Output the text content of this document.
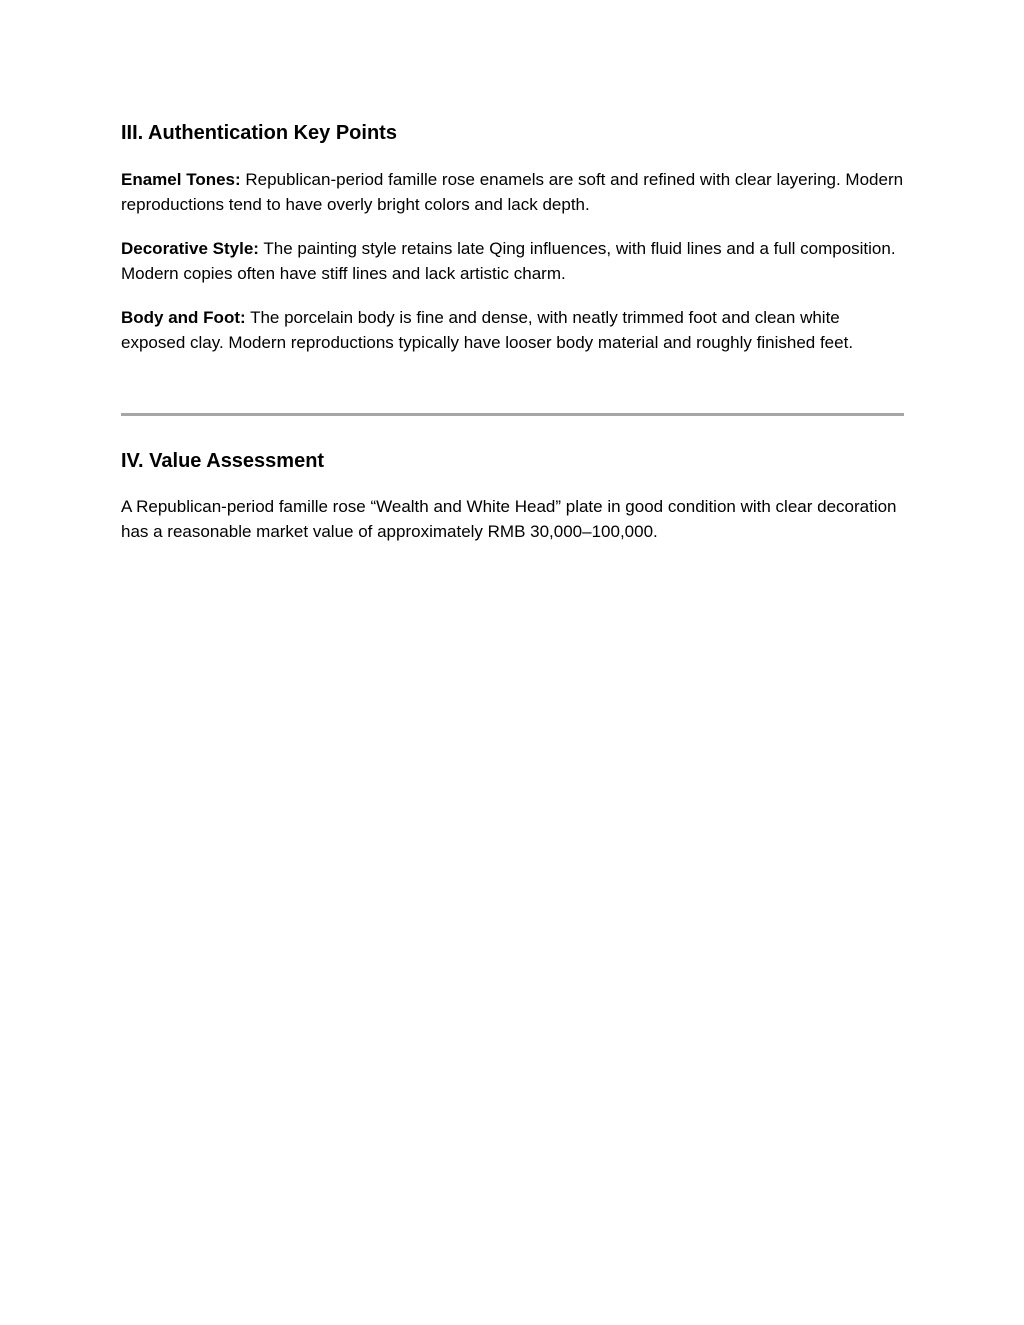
III. Authentication Key Points

Enamel Tones: Republican-period famille rose enamels are soft and refined with clear layering. Modern reproductions tend to have overly bright colors and lack depth.

Decorative Style: The painting style retains late Qing influences, with fluid lines and a full composition. Modern copies often have stiff lines and lack artistic charm.

Body and Foot: The porcelain body is fine and dense, with neatly trimmed foot and clean white exposed clay. Modern reproductions typically have looser body material and roughly finished feet.

IV. Value Assessment

A Republican-period famille rose “Wealth and White Head” plate in good condition with clear decoration has a reasonable market value of approximately RMB 30,000–100,000.
